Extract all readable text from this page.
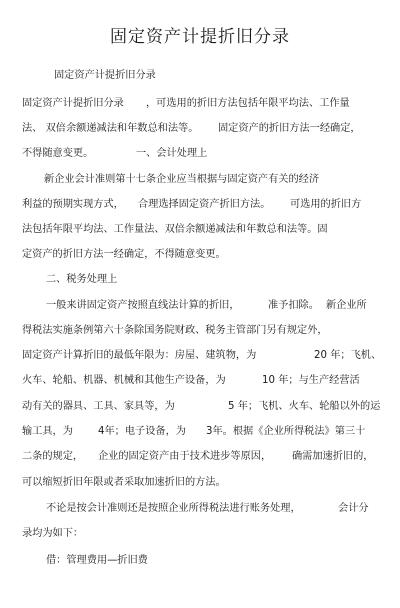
固定资产计提折旧分录
固定资产计提折旧分录
固定资产计提折旧分录 ，可选用的折旧方法包括年限平均法、工作量
法、 双倍余额递减法和年数总和法等。 固定资产的折旧方法一经确定，
不得随意变更。	一、会计处理上
新企业会计准则第十七条企业应当根据与固定资产有关的经济
利益的预期实现方式， 合理选择固定资产折旧方法。 可选用的折旧方
法包括年限平均法、工作量法、双倍余额递减法和年数总和法等。固
定资产的折旧方法一经确定，不得随意变更。
二、税务处理上
一般来讲固定资产按照直线法计算的折旧，	准予扣除。 新企业所
得税法实施条例第六十条除国务院财政、税务主管部门另有规定外，
固定资产计算折旧的最低年限为：房屋、建筑物，为	20 年；飞机、
火车、轮船、机器、机械和其他生产设备，为	10 年；与生产经营活
动有关的器具、工具、家具等，为	5 年；飞机、火车、轮船以外的运
输工具，为 4年；电子设备，为 3年。根据《企业所得税法》第三十
二条的规定， 企业的固定资产由于技术进步等原因， 确需加速折旧的，
可以缩短折旧年限或者采取加速折旧的方法。
不论是按会计准则还是按照企业所得税法进行账务处理，	会计分
录均为如下：
借：管理费用—折旧费
